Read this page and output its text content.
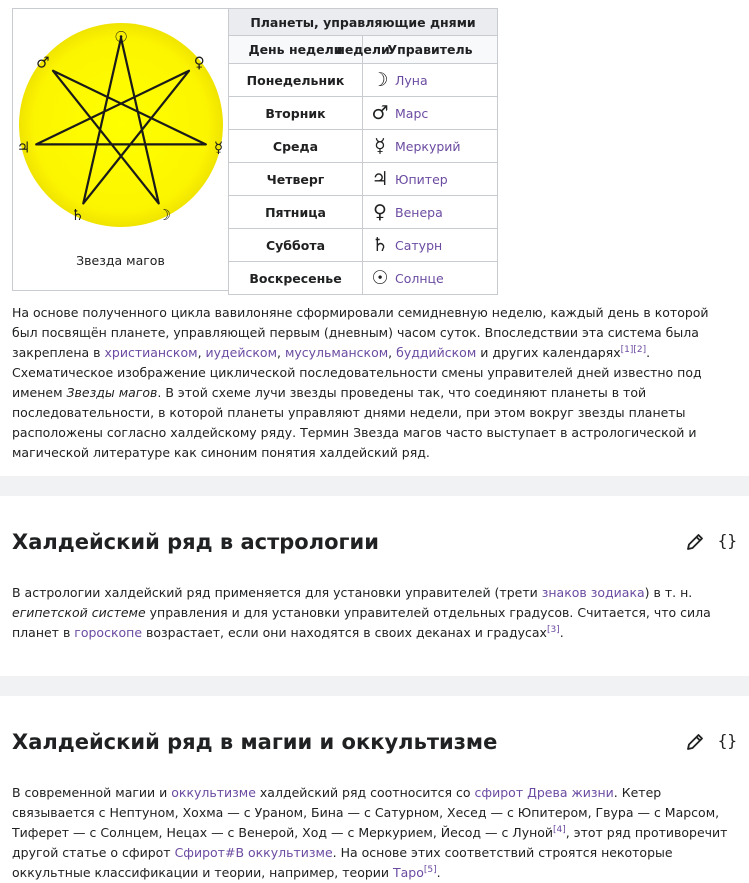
☉
♀
☿
☽
♄
♃
♂
Звезда магов
Планеты, управляющие днями недели
День недели	Управитель
Понедельник	☽ Луна
Вторник	♂ Марс
Среда	☿ Меркурий
Четверг	♃ Юпитер
Пятница	♀ Венера
Суббота	♄ Сатурн
Воскресенье	☉ Солнце

На основе полученного цикла вавилоняне сформировали семидневную неделю, каждый день в которой был посвящён планете, управляющей первым (дневным) часом суток. Впоследствии эта система была закреплена в христианском, иудейском, мусульманском, буддийском и других календарях[1][2]. Схематическое изображение циклической последовательности смены управителей дней известно под именем Звезды магов. В этой схеме лучи звезды проведены так, что соединяют планеты в той последовательности, в которой планеты управляют днями недели, при этом вокруг звезды планеты расположены согласно халдейскому ряду. Термин Звезда магов часто выступает в астрологической и магической литературе как синоним понятия халдейский ряд.

Халдейский ряд в астрологии	{}

В астрологии халдейский ряд применяется для установки управителей (трети знаков зодиака) в т. н. египетской системе управления и для установки управителей отдельных градусов. Считается, что сила планет в гороскопе возрастает, если они находятся в своих деканах и градусах[3].

Халдейский ряд в магии и оккультизме	{}

В современной магии и оккультизме халдейский ряд соотносится со сфирот Древа жизни. Кетер связывается с Нептуном, Хохма — с Ураном, Бина — с Сатурном, Хесед — с Юпитером, Гвура — с Марсом, Тиферет — с Солнцем, Нецах — с Венерой, Ход — с Меркурием, Йесод — с Луной[4], этот ряд противоречит другой статье о сфирот Сфирот#В оккультизме. На основе этих соответствий строятся некоторые оккультные классификации и теории, например, теории Таро[5].
